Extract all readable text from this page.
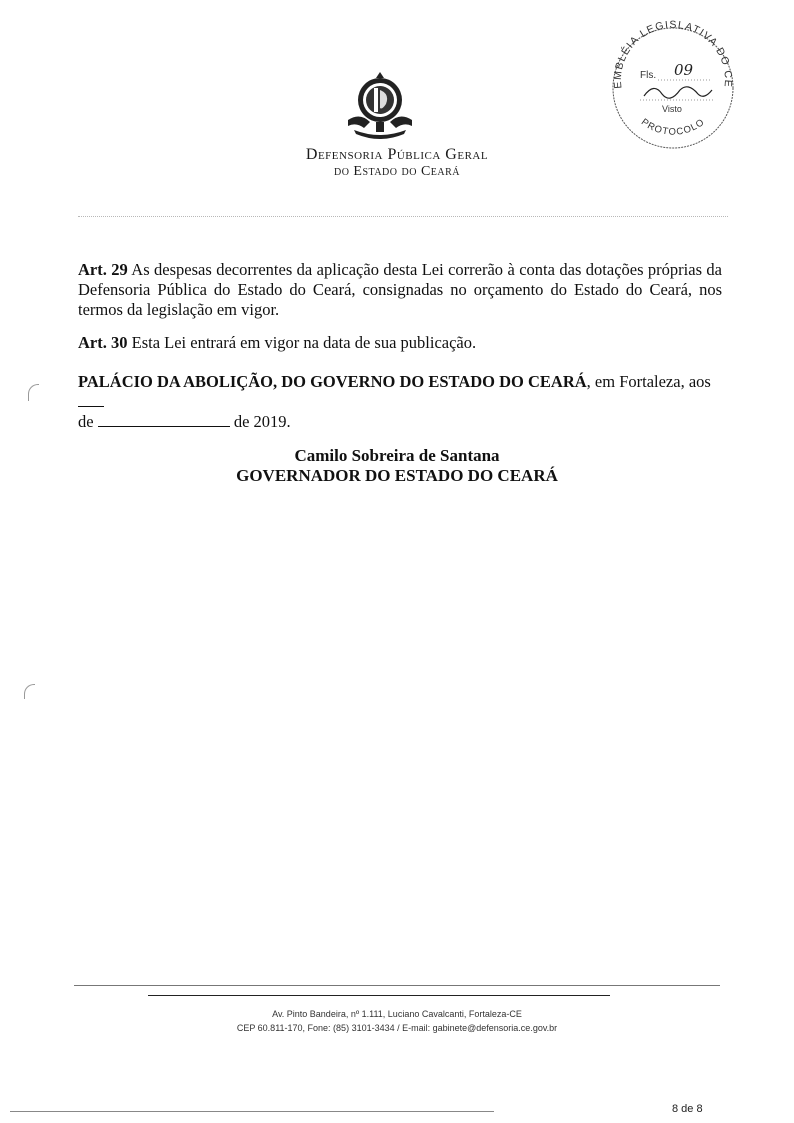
Defensoria Pública Geral
do Estado do Ceará
EMBLÉIA LEGISLATIVA DO CE
PROTOCOLO
Fls. 09
Visto
Art. 29 As despesas decorrentes da aplicação desta Lei correrão à conta das dotações próprias da Defensoria Pública do Estado do Ceará, consignadas no orçamento do Estado do Ceará, nos termos da legislação em vigor.
Art. 30 Esta Lei entrará em vigor na data de sua publicação.
PALÁCIO DA ABOLIÇÃO, DO GOVERNO DO ESTADO DO CEARÁ, em Fortaleza, aos
de	de 2019.
Camilo Sobreira de Santana
GOVERNADOR DO ESTADO DO CEARÁ
Av. Pinto Bandeira, nº 1.111, Luciano Cavalcanti, Fortaleza-CE
CEP 60.811-170, Fone: (85) 3101-3434 / E-mail: gabinete@defensoria.ce.gov.br
8 de 8
